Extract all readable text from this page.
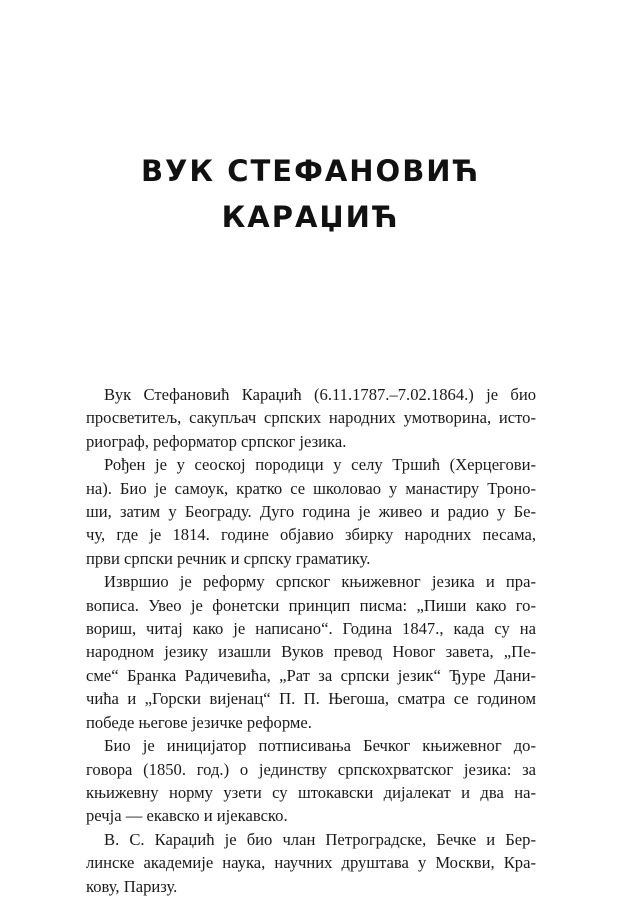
ВУК СТЕФАНОВИЋ
КАРАЏИЋ
Вук Стефановић Караџић (6.11.1787.–7.02.1864.) је био
просветитељ, сакупљач српских народних умотворина, исто-
риограф, реформатор српског језика.
Рођен је у сеоској породици у селу Тршић (Херцегови-
на). Био је самоук, кратко се школовао у манастиру Троно-
ши, затим у Београду. Дуго година је живео и радио у Бе-
чу, где је 1814. године објавио збирку народних песама,
први српски речник и српску граматику.
Извршио је реформу српског књижевног језика и пра-
вописа. Увео је фонетски принцип писма: „Пиши како го-
вориш, читај како је написано“. Година 1847., када су на
народном језику изашли Вуков превод Новог завета, „Пе-
сме“ Бранка Радичевића, „Рат за српски језик“ Ђуре Дани-
чића и „Горски вијенац“ П. П. Његоша, сматра се годином
победе његове језичке реформе.
Био је иницијатор потписивања Бечког књижевног до-
говора (1850. год.) о јединству српскохрватског језика: за
књижевну норму узети су штокавски дијалекат и два на-
речја — екавско и ијекавско.
В. С. Караџић је био члан Петроградске, Бечке и Бер-
линске академије наука, научних друштава у Москви, Кра-
кову, Паризу.
